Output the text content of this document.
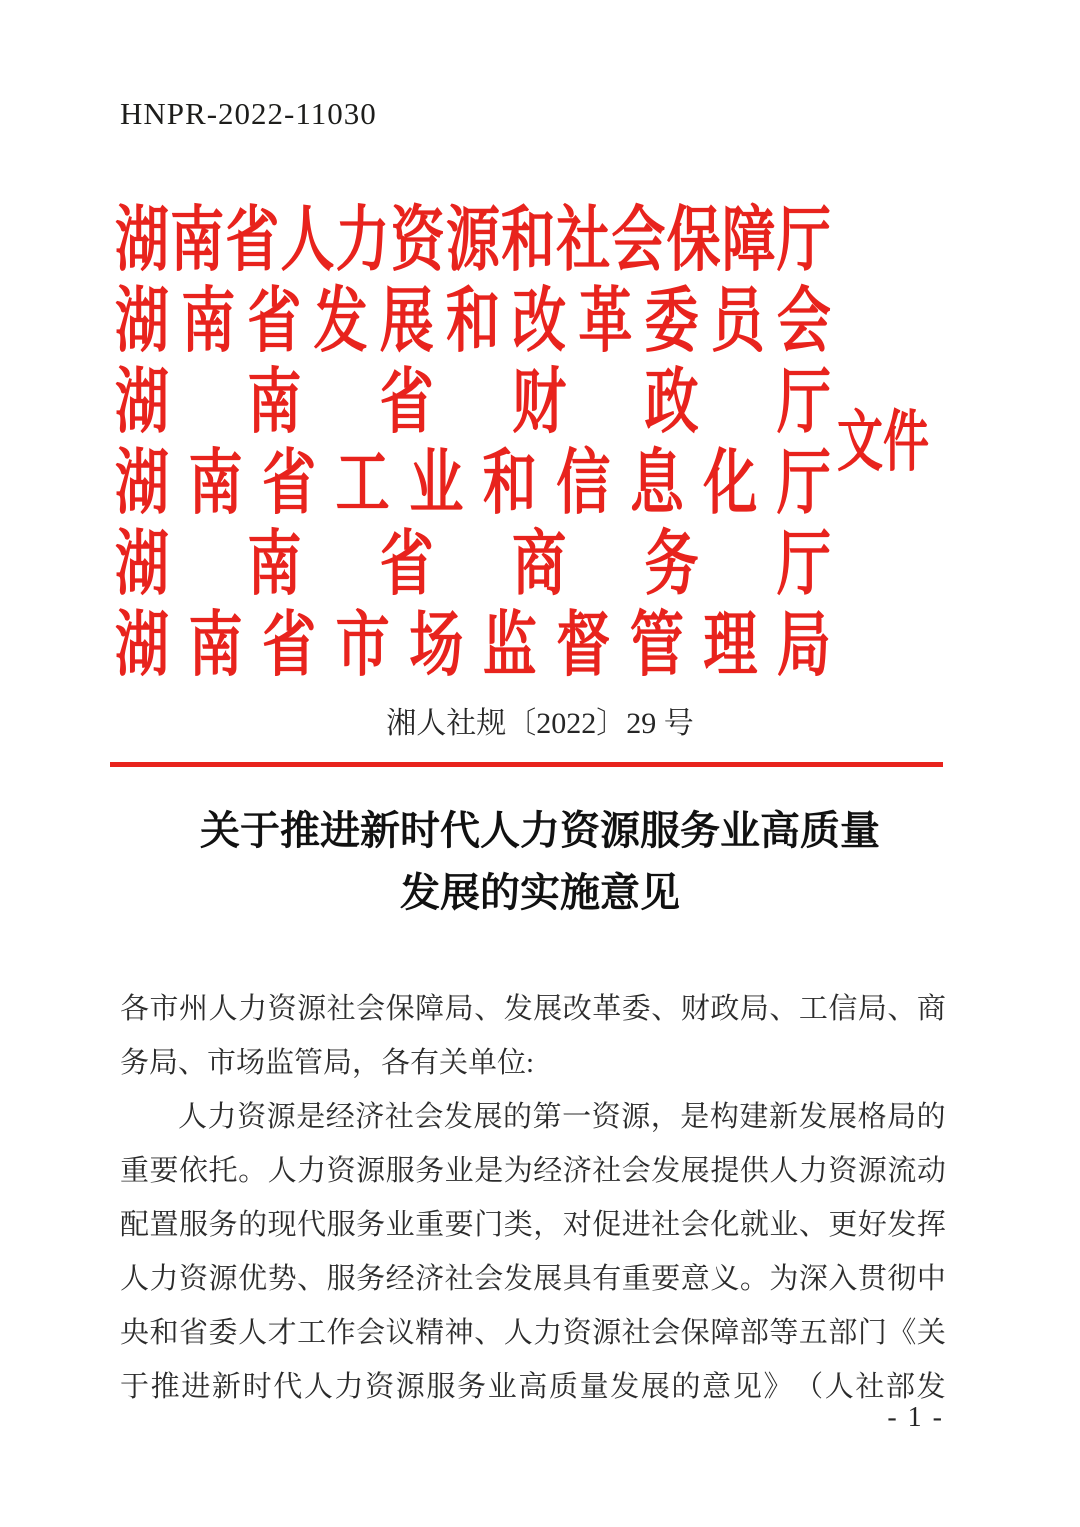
HNPR-2022-11030
湖 南 省 人 力 资 源 和 社 会 保 障 厅
湖 南 省 发 展 和 改 革 委 员 会
湖 南 省 财 政 厅
湖 南 省 工 业 和 信 息 化 厅
湖 南 省 商 务 厅
湖 南 省 市 场 监 督 管 理 局
文件
湘人社规〔2022〕29 号
关于推进新时代人力资源服务业高质量
发展的实施意见
各 市 州 人 力 资 源 社 会 保 障 局 、 发 展 改 革 委 、 财 政 局 、 工 信 局 、 商
务局、市场监管局，各有关单位:
人 力 资 源 是 经 济 社 会 发 展 的 第 一 资 源 ， 是 构 建 新 发 展 格 局 的
重 要 依 托 。 人 力 资 源 服 务 业 是 为 经 济 社 会 发 展 提 供 人 力 资 源 流 动
配 置 服 务 的 现 代 服 务 业 重 要 门 类 ， 对 促 进 社 会 化 就 业 、 更 好 发 挥
人 力 资 源 优 势 、 服 务 经 济 社 会 发 展 具 有 重 要 意 义 。 为 深 入 贯 彻 中
央 和 省 委 人 才 工 作 会 议 精 神 、 人 力 资 源 社 会 保 障 部 等 五 部 门 《 关
于 推 进 新 时 代 人 力 资 源 服 务 业 高 质 量 发 展 的 意 见 》 （ 人 社 部 发
- 1 -
